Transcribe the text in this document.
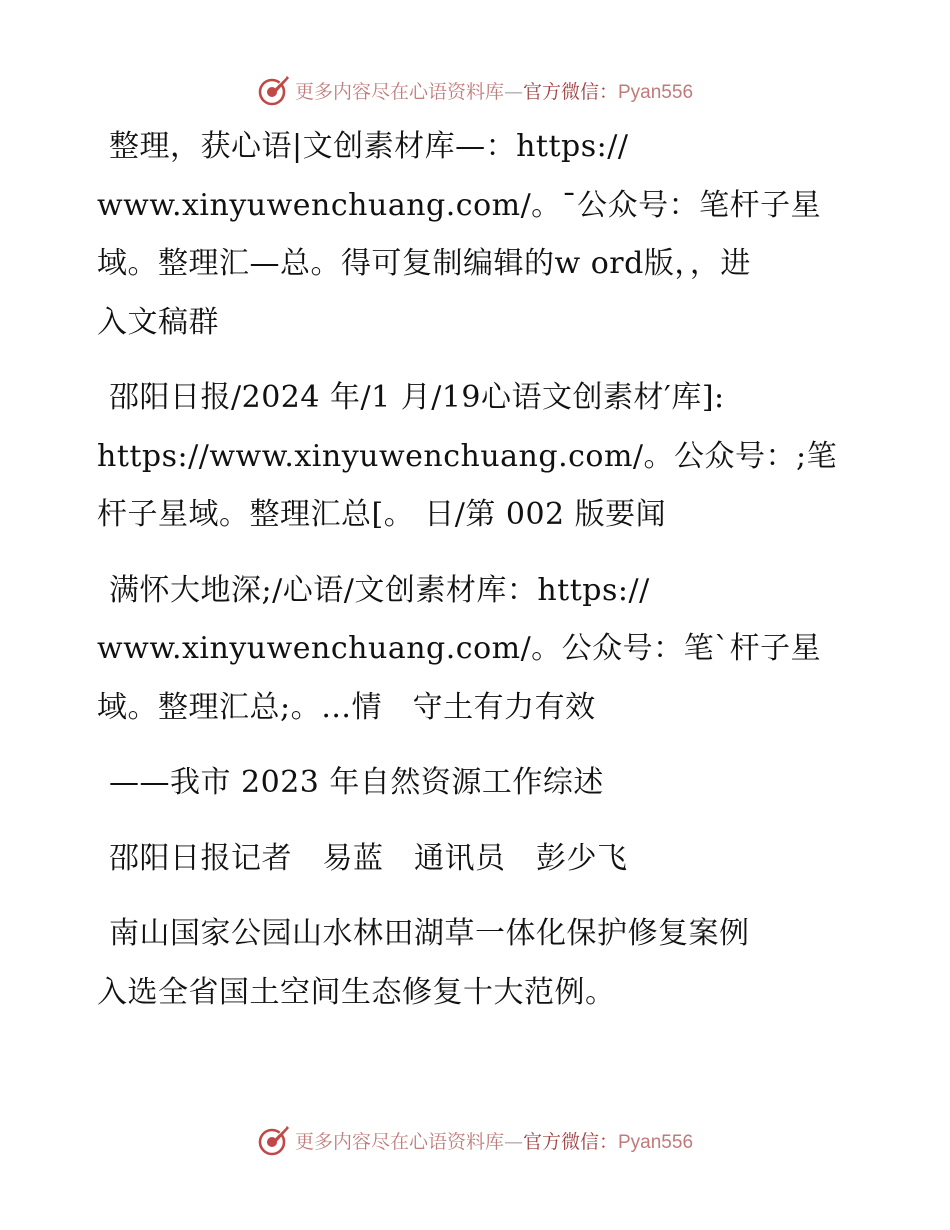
更多内容尽在心语资料库—官方微信：Pyan556

整理，获心语|文创素材库—：https://
www.xinyuwenchuang.com/。¯公众号：笔杆子星
域。整理汇—总。得可复制编辑的w ord版，，进
入文稿群

邵阳日报/2024 年/1 月/19心语文创素材′库]:
https://www.xinyuwenchuang.com/。公众号：;笔
杆子星域。整理汇总[。 日/第 002 版要闻

满怀大地深;/心语/文创素材库：https://
www.xinyuwenchuang.com/。公众号：笔`杆子星
域。整理汇总;。…情　守土有力有效

——我市 2023 年自然资源工作综述

邵阳日报记者　易蓝　通讯员　彭少飞

南山国家公园山水林田湖草一体化保护修复案例
入选全省国土空间生态修复十大范例。

更多内容尽在心语资料库—官方微信：Pyan556
